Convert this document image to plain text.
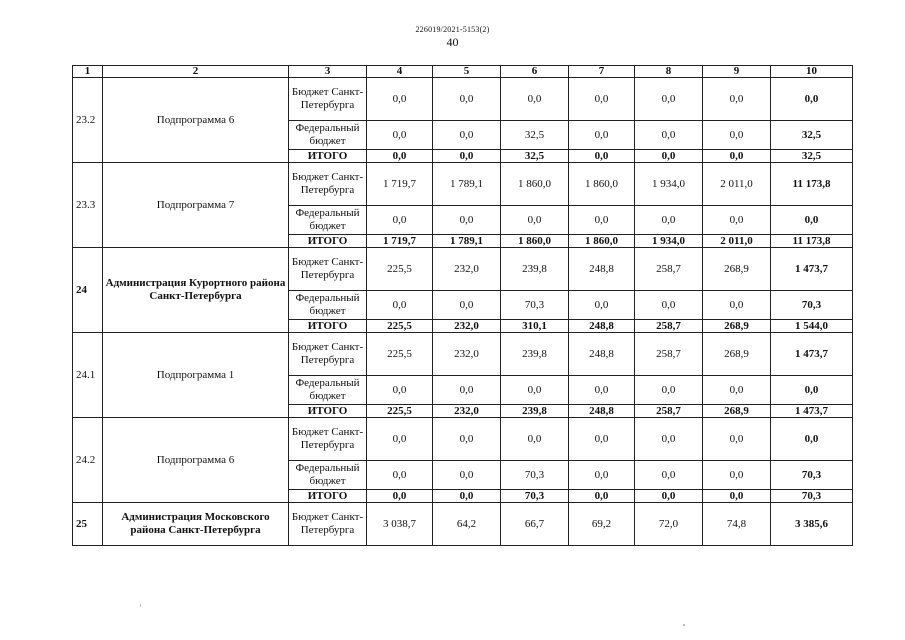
226019/2021-5153(2)
40
1	2	3	4	5	6	7	8	9	10
23.2	Подпрограмма 6	Бюджет Санкт-Петербурга	0,0	0,0	0,0	0,0	0,0	0,0	0,0
		Федеральный бюджет	0,0	0,0	32,5	0,0	0,0	0,0	32,5
		ИТОГО	0,0	0,0	32,5	0,0	0,0	0,0	32,5
23.3	Подпрограмма 7	Бюджет Санкт-Петербурга	1 719,7	1 789,1	1 860,0	1 860,0	1 934,0	2 011,0	11 173,8
		Федеральный бюджет	0,0	0,0	0,0	0,0	0,0	0,0	0,0
		ИТОГО	1 719,7	1 789,1	1 860,0	1 860,0	1 934,0	2 011,0	11 173,8
24	Администрация Курортного района Санкт-Петербурга	Бюджет Санкт-Петербурга	225,5	232,0	239,8	248,8	258,7	268,9	1 473,7
		Федеральный бюджет	0,0	0,0	70,3	0,0	0,0	0,0	70,3
		ИТОГО	225,5	232,0	310,1	248,8	258,7	268,9	1 544,0
24.1	Подпрограмма 1	Бюджет Санкт-Петербурга	225,5	232,0	239,8	248,8	258,7	268,9	1 473,7
		Федеральный бюджет	0,0	0,0	0,0	0,0	0,0	0,0	0,0
		ИТОГО	225,5	232,0	239,8	248,8	258,7	268,9	1 473,7
24.2	Подпрограмма 6	Бюджет Санкт-Петербурга	0,0	0,0	0,0	0,0	0,0	0,0	0,0
		Федеральный бюджет	0,0	0,0	70,3	0,0	0,0	0,0	70,3
		ИТОГО	0,0	0,0	70,3	0,0	0,0	0,0	70,3
25	Администрация Московского района Санкт-Петербурга	Бюджет Санкт-Петербурга	3 038,7	64,2	66,7	69,2	72,0	74,8	3 385,6
